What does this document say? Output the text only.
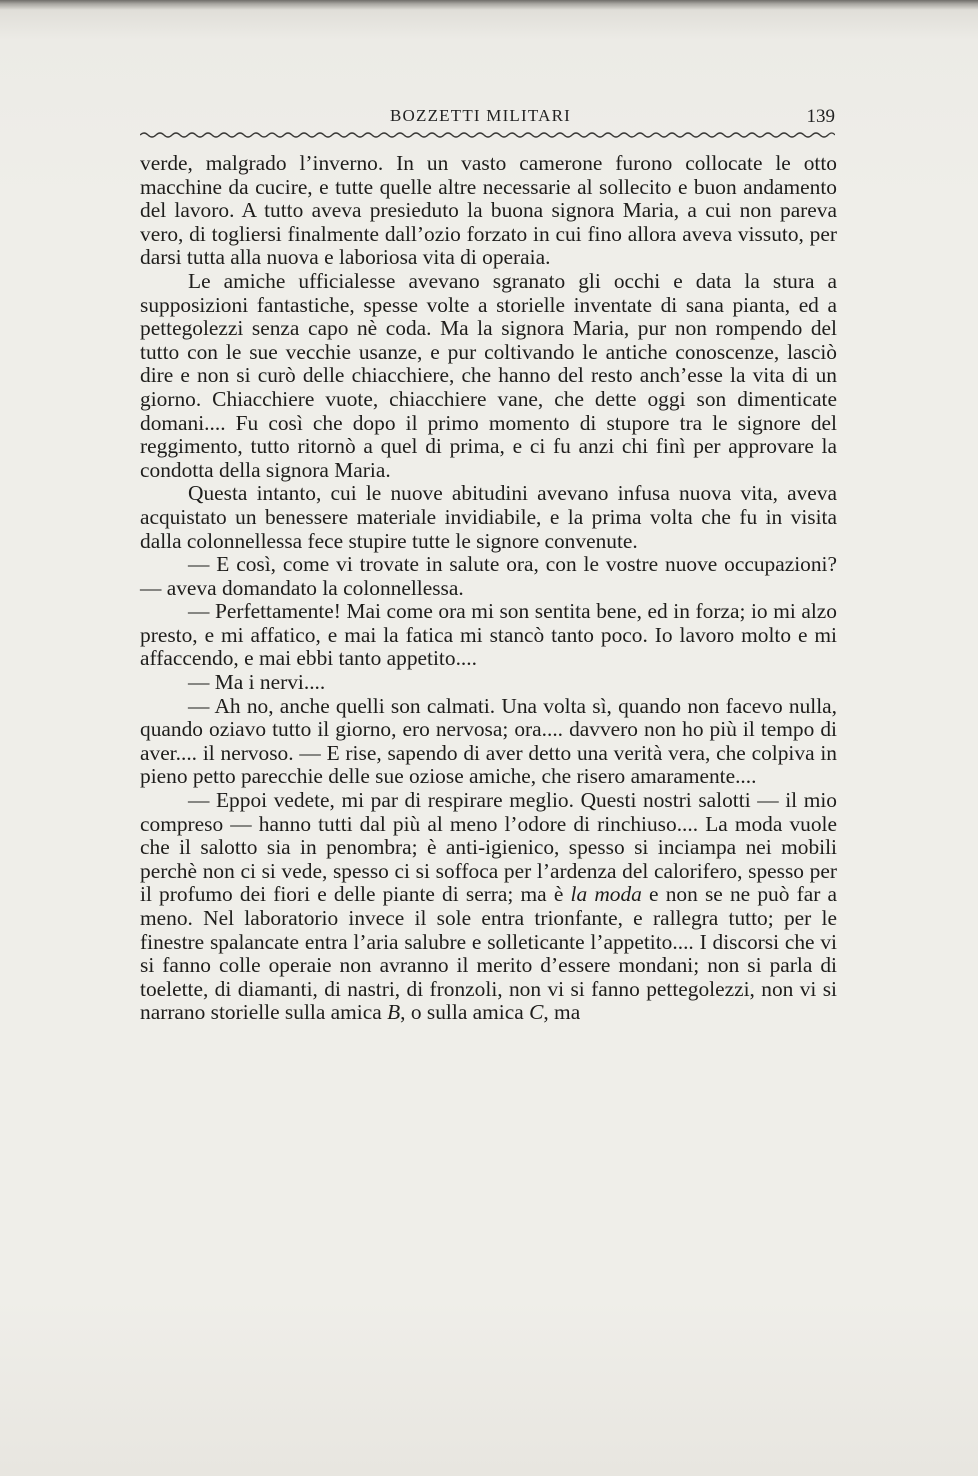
BOZZETTI MILITARI	139

verde, malgrado l’inverno. In un vasto camerone furono collocate le otto macchine da cucire, e tutte quelle altre necessarie al sollecito e buon andamento del lavoro. A tutto aveva presieduto la buona signora Maria, a cui non pareva vero, di togliersi finalmente dall’ozio forzato in cui fino allora aveva vissuto, per darsi tutta alla nuova e laboriosa vita di operaia.

Le amiche ufficialesse avevano sgranato gli occhi e data la stura a supposizioni fantastiche, spesse volte a storielle inventate di sana pianta, ed a pettegolezzi senza capo nè coda. Ma la signora Maria, pur non rompendo del tutto con le sue vecchie usanze, e pur coltivando le antiche conoscenze, lasciò dire e non si curò delle chiacchiere, che hanno del resto anch’esse la vita di un giorno. Chiacchiere vuote, chiacchiere vane, che dette oggi son dimenticate domani.... Fu così che dopo il primo momento di stupore tra le signore del reggimento, tutto ritornò a quel di prima, e ci fu anzi chi finì per approvare la condotta della signora Maria.

Questa intanto, cui le nuove abitudini avevano infusa nuova vita, aveva acquistato un benessere materiale invidiabile, e la prima volta che fu in visita dalla colonnellessa fece stupire tutte le signore convenute.

— E così, come vi trovate in salute ora, con le vostre nuove occupazioni? — aveva domandato la colonnellessa.

— Perfettamente! Mai come ora mi son sentita bene, ed in forza; io mi alzo presto, e mi affatico, e mai la fatica mi stancò tanto poco. Io lavoro molto e mi affaccendo, e mai ebbi tanto appetito....

— Ma i nervi....

— Ah no, anche quelli son calmati. Una volta sì, quando non facevo nulla, quando oziavo tutto il giorno, ero nervosa; ora.... davvero non ho più il tempo di aver.... il nervoso. — E rise, sapendo di aver detto una verità vera, che colpiva in pieno petto parecchie delle sue oziose amiche, che risero amaramente....

— Eppoi vedete, mi par di respirare meglio. Questi nostri salotti — il mio compreso — hanno tutti dal più al meno l’odore di rinchiuso.... La moda vuole che il salotto sia in penombra; è anti-igienico, spesso si inciampa nei mobili perchè non ci si vede, spesso ci si soffoca per l’ardenza del calorifero, spesso per il profumo dei fiori e delle piante di serra; ma è la moda e non se ne può far a meno. Nel laboratorio invece il sole entra trionfante, e rallegra tutto; per le finestre spalancate entra l’aria salubre e solleticante l’appetito.... I discorsi che vi si fanno colle operaie non avranno il merito d’essere mondani; non si parla di toelette, di diamanti, di nastri, di fronzoli, non vi si fanno pettegolezzi, non vi si narrano storielle sulla amica B, o sulla amica C, ma
